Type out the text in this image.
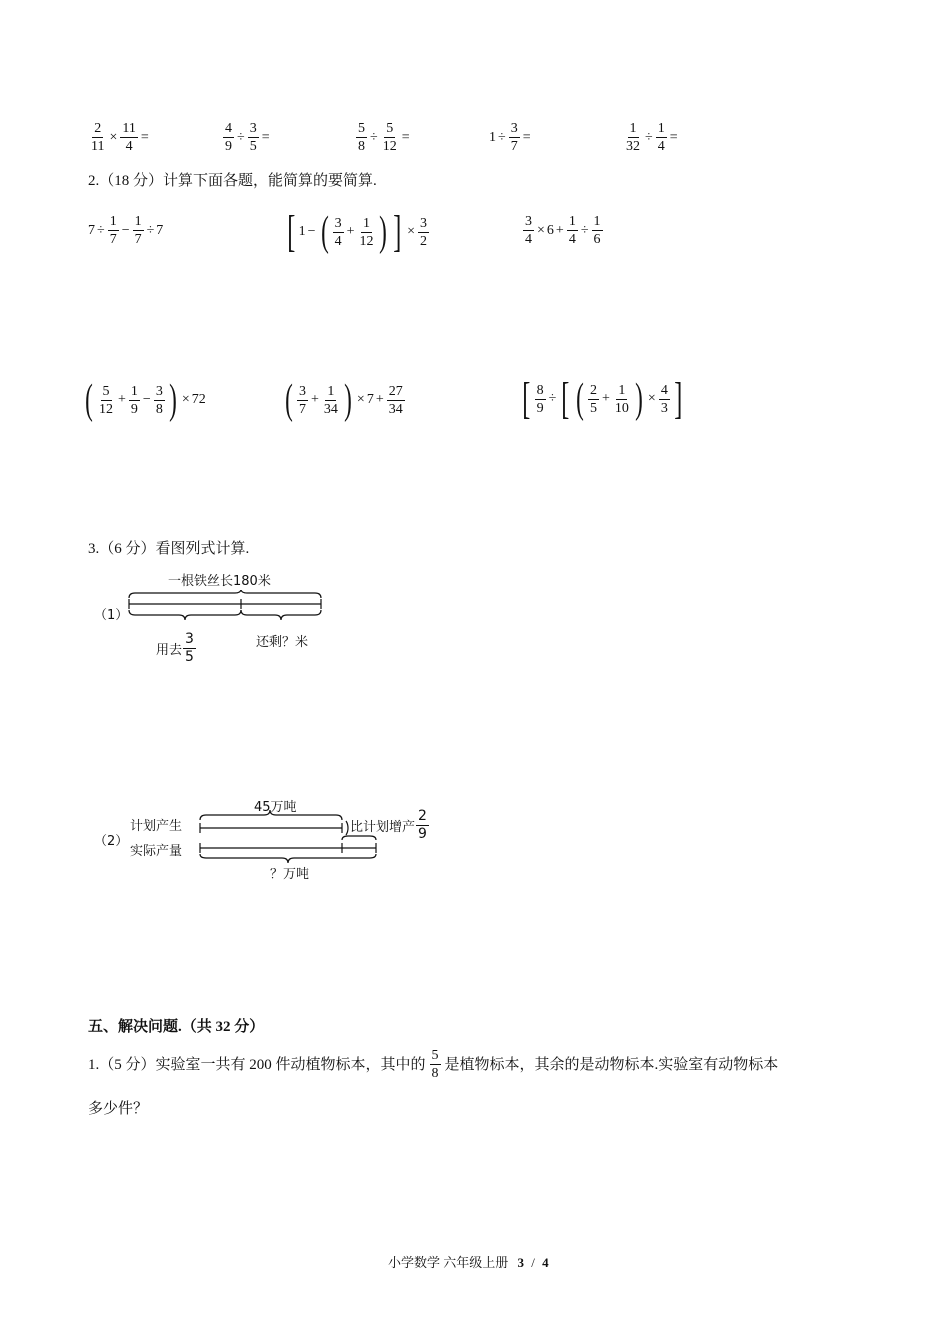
$\frac{2}{11} \times \frac{11}{4}$ =	$\frac{4}{9} \div \frac{3}{5}$ =	$\frac{5}{8} \div \frac{5}{12}$ =	$1 \div \frac{3}{7}$ =	$\frac{1}{32} \div \frac{1}{4}$ =
2.（18 分）计算下面各题，能简算的要简算.
$7 \div \frac{1}{7} - \frac{1}{7} \div 7$	[ 1 − ( $\frac{3}{4} + \frac{1}{12}$ ) ] × $\frac{3}{2}$	$\frac{3}{4} \times 6 + \frac{1}{4} \div \frac{1}{6}$
( $\frac{5}{12} + \frac{1}{9} - \frac{3}{8}$ ) × 72 ( $\frac{3}{7} + \frac{1}{34}$ ) × $7 + \frac{27}{34}$	[ $\frac{8}{9}$ ÷ [ ( $\frac{2}{5} + \frac{1}{10}$ ) × $\frac{4}{3}$ ]
3.（6 分）看图列式计算.
（1）
一根铁丝长180米
用去 $\frac{3}{5}$	还剩？米
（2）
计划产生
实际产量
45万吨
比计划增产 $\frac{2}{9}$
？万吨
五、解决问题.（共 32 分）
1.（5 分）实验室一共有 200 件动植物标本，其中的 $\frac{5}{8}$ 是植物标本，其余的是动物标本.实验室有动物标本
多少件？
小学数学 六年级上册 3 / 4
